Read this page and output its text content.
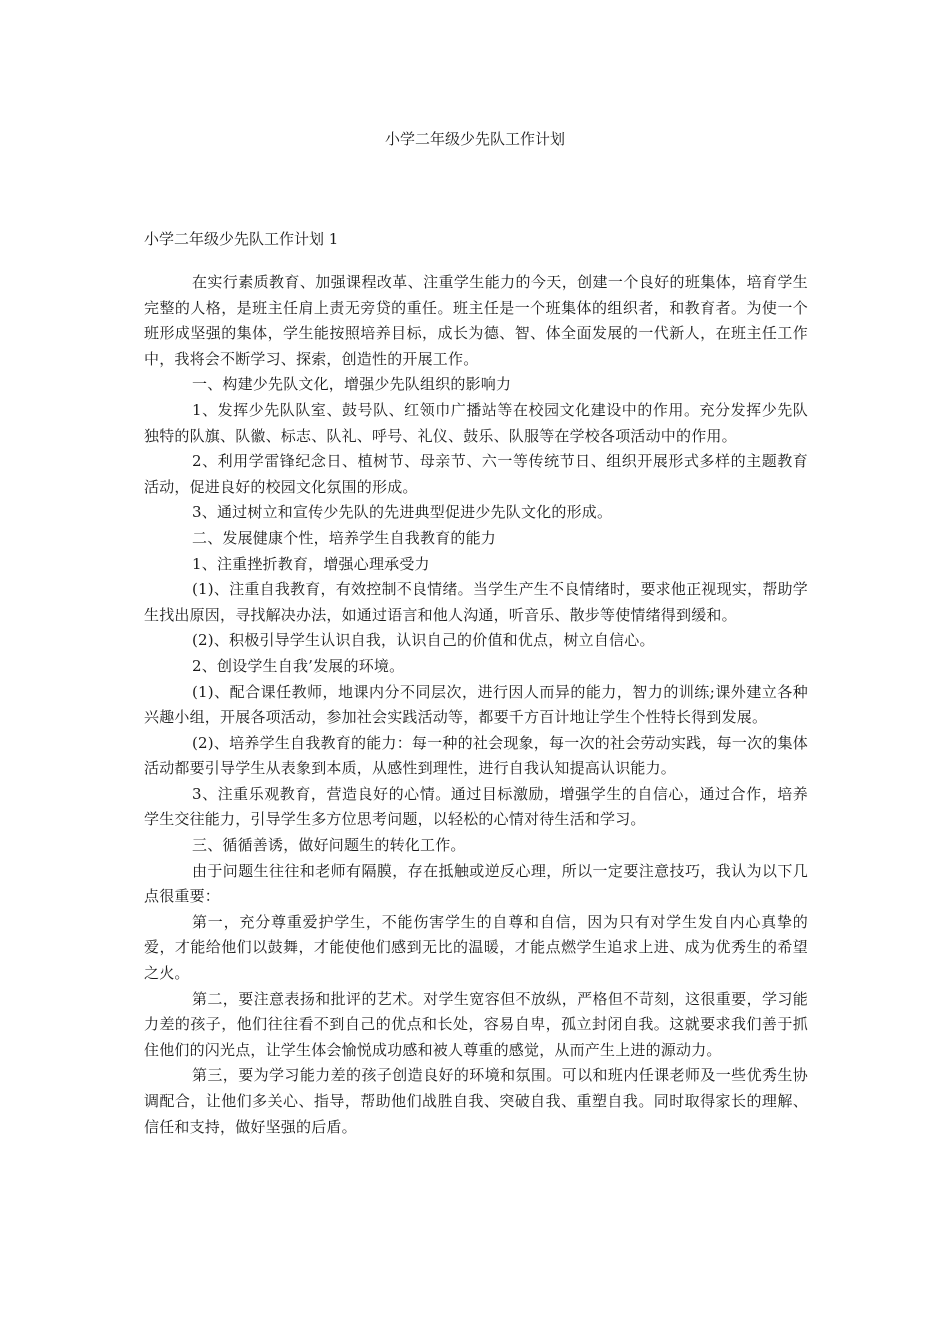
小学二年级少先队工作计划
小学二年级少先队工作计划 1

在实行素质教育、加强课程改革、注重学生能力的今天，创建一个良好的班集体，培育学生完整的人格，是班主任肩上责无旁贷的重任。班主任是一个班集体的组织者，和教育者。为使一个班形成坚强的集体，学生能按照培养目标，成长为德、智、体全面发展的一代新人，在班主任工作中，我将会不断学习、探索，创造性的开展工作。

一、构建少先队文化，增强少先队组织的影响力

1、发挥少先队队室、鼓号队、红领巾广播站等在校园文化建设中的作用。充分发挥少先队独特的队旗、队徽、标志、队礼、呼号、礼仪、鼓乐、队服等在学校各项活动中的作用。

2、利用学雷锋纪念日、植树节、母亲节、六一等传统节日、组织开展形式多样的主题教育活动，促进良好的校园文化氛围的形成。

3、通过树立和宣传少先队的先进典型促进少先队文化的形成。

二、发展健康个性，培养学生自我教育的能力

1、注重挫折教育，增强心理承受力

(1)、注重自我教育，有效控制不良情绪。当学生产生不良情绪时，要求他正视现实，帮助学生找出原因，寻找解决办法，如通过语言和他人沟通，听音乐、散步等使情绪得到缓和。

(2)、积极引导学生认识自我，认识自己的价值和优点，树立自信心。

2、创设学生自我’发展的环境。

(1)、配合课任教师，地课内分不同层次，进行因人而异的能力，智力的训练;课外建立各种兴趣小组，开展各项活动，参加社会实践活动等，都要千方百计地让学生个性特长得到发展。

(2)、培养学生自我教育的能力：每一种的社会现象，每一次的社会劳动实践，每一次的集体活动都要引导学生从表象到本质，从感性到理性，进行自我认知提高认识能力。

3、注重乐观教育，营造良好的心情。通过目标激励，增强学生的自信心，通过合作，培养学生交往能力，引导学生多方位思考问题，以轻松的心情对待生活和学习。

三、循循善诱，做好问题生的转化工作。

由于问题生往往和老师有隔膜，存在抵触或逆反心理，所以一定要注意技巧，我认为以下几点很重要：

第一，充分尊重爱护学生，不能伤害学生的自尊和自信，因为只有对学生发自内心真挚的爱，才能给他们以鼓舞，才能使他们感到无比的温暖，才能点燃学生追求上进、成为优秀生的希望之火。

第二，要注意表扬和批评的艺术。对学生宽容但不放纵，严格但不苛刻，这很重要，学习能力差的孩子，他们往往看不到自己的优点和长处，容易自卑，孤立封闭自我。这就要求我们善于抓住他们的闪光点，让学生体会愉悦成功感和被人尊重的感觉，从而产生上进的源动力。

第三，要为学习能力差的孩子创造良好的环境和氛围。可以和班内任课老师及一些优秀生协调配合，让他们多关心、指导，帮助他们战胜自我、突破自我、重塑自我。同时取得家长的理解、信任和支持，做好坚强的后盾。
